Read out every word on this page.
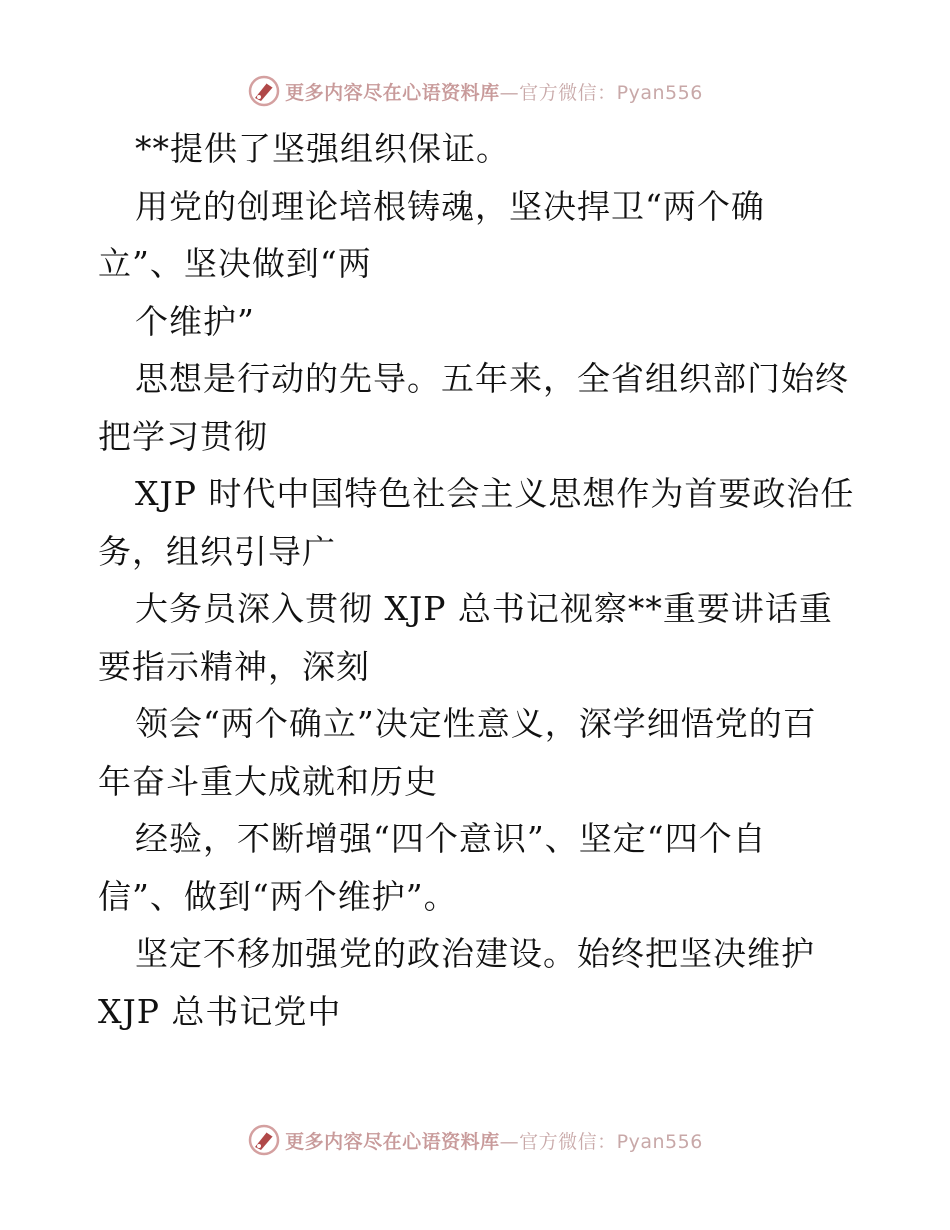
更多内容尽在心语资料库—官方微信：Pyan556
**提供了坚强组织保证。
用党的创理论培根铸魂，坚决捍卫“两个确
立”、坚决做到“两
个维护”
思想是行动的先导。五年来，全省组织部门始终
把学习贯彻
XJP 时代中国特色社会主义思想作为首要政治任
务，组织引导广
大务员深入贯彻 XJP 总书记视察**重要讲话重
要指示精神，深刻
领会“两个确立”决定性意义，深学细悟党的百
年奋斗重大成就和历史
经验，不断增强“四个意识”、坚定“四个自
信”、做到“两个维护”。
坚定不移加强党的政治建设。始终把坚决维护
XJP 总书记党中
更多内容尽在心语资料库—官方微信：Pyan556
